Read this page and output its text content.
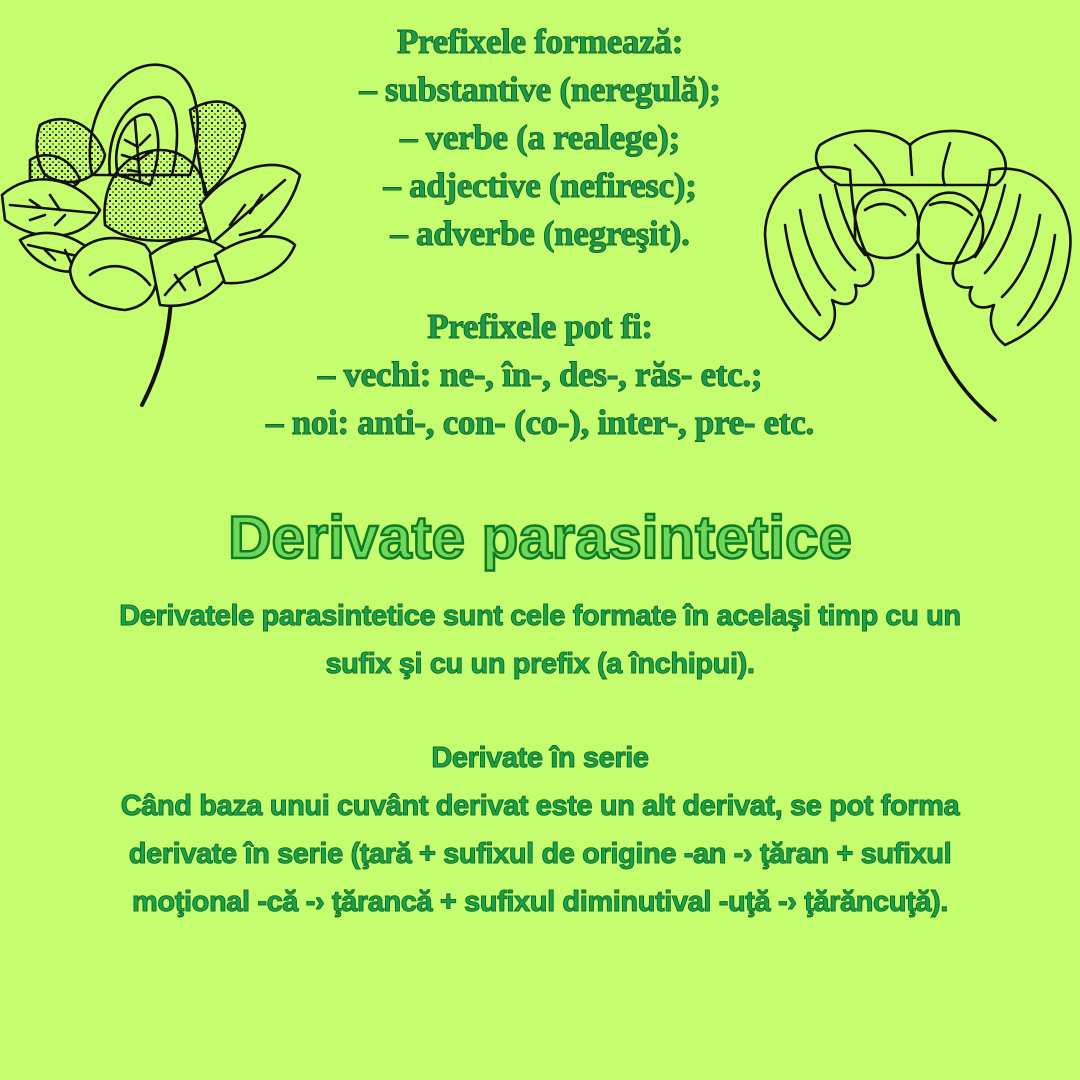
Prefixele formează:
– substantive (neregulă);
– verbe (a realege);
– adjective (nefiresc);
– adverbe (negreşit).
Prefixele pot fi:
– vechi: ne-, în-, des-, răs- etc.;
– noi: anti-, con- (co-), inter-, pre- etc.
Derivate parasintetice
Derivatele parasintetice sunt cele formate în acelaşi timp cu un
sufix şi cu un prefix (a închipui).
Derivate în serie
Când baza unui cuvânt derivat este un alt derivat, se pot forma
derivate în serie (ţară + sufixul de origine -an -› ţăran + sufixul
moţional -că -› ţărancă + sufixul diminutival -uţă -› ţărăncuţă).
